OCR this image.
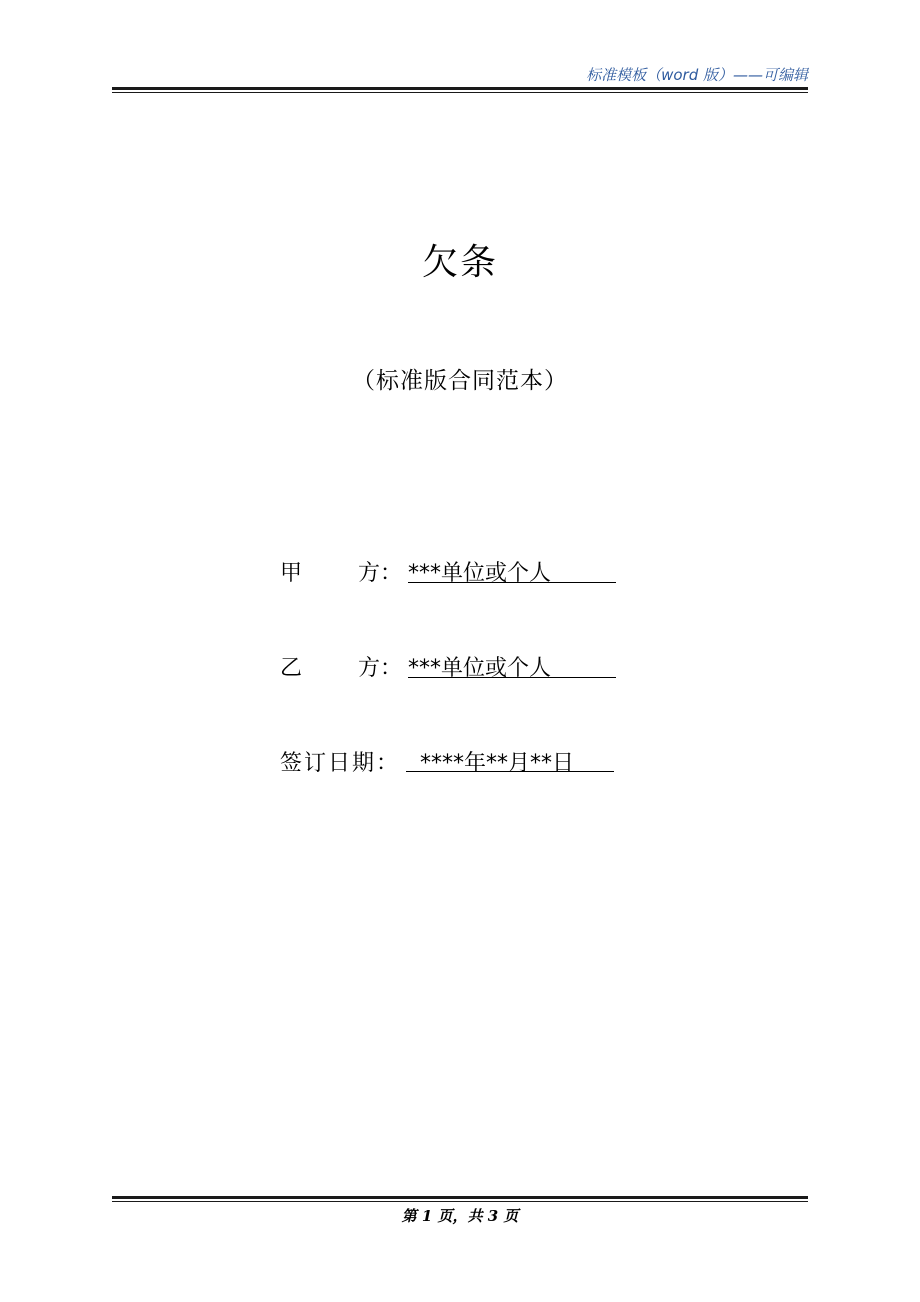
标准模板（word 版）——可编辑
欠条
（标准版合同范本）
甲	方： ***单位或个人
乙	方： ***单位或个人
签订日期： ****年**月**日
第 1 页，共 3 页
